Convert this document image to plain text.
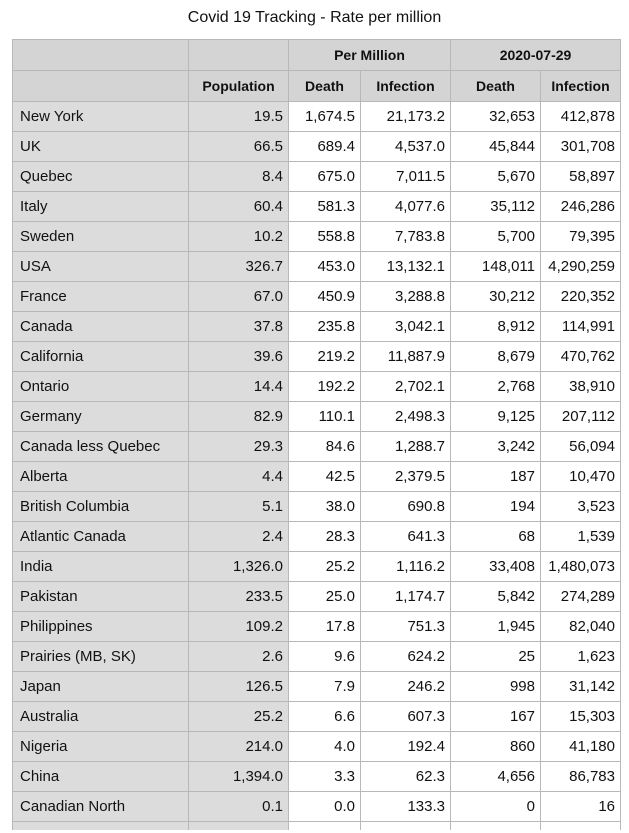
Covid 19 Tracking - Rate per million
		Per Million		2020-07-29	
	Population	Death	Infection	Death	Infection
New York	19.5	1,674.5	21,173.2	32,653	412,878
UK	66.5	689.4	4,537.0	45,844	301,708
Quebec	8.4	675.0	7,011.5	5,670	58,897
Italy	60.4	581.3	4,077.6	35,112	246,286
Sweden	10.2	558.8	7,783.8	5,700	79,395
USA	326.7	453.0	13,132.1	148,011	4,290,259
France	67.0	450.9	3,288.8	30,212	220,352
Canada	37.8	235.8	3,042.1	8,912	114,991
California	39.6	219.2	11,887.9	8,679	470,762
Ontario	14.4	192.2	2,702.1	2,768	38,910
Germany	82.9	110.1	2,498.3	9,125	207,112
Canada less Quebec	29.3	84.6	1,288.7	3,242	56,094
Alberta	4.4	42.5	2,379.5	187	10,470
British Columbia	5.1	38.0	690.8	194	3,523
Atlantic Canada	2.4	28.3	641.3	68	1,539
India	1,326.0	25.2	1,116.2	33,408	1,480,073
Pakistan	233.5	25.0	1,174.7	5,842	274,289
Philippines	109.2	17.8	751.3	1,945	82,040
Prairies (MB, SK)	2.6	9.6	624.2	25	1,623
Japan	126.5	7.9	246.2	998	31,142
Australia	25.2	6.6	607.3	167	15,303
Nigeria	214.0	4.0	192.4	860	41,180
China	1,394.0	3.3	62.3	4,656	86,783
Canadian North	0.1	0.0	133.3	0	16
